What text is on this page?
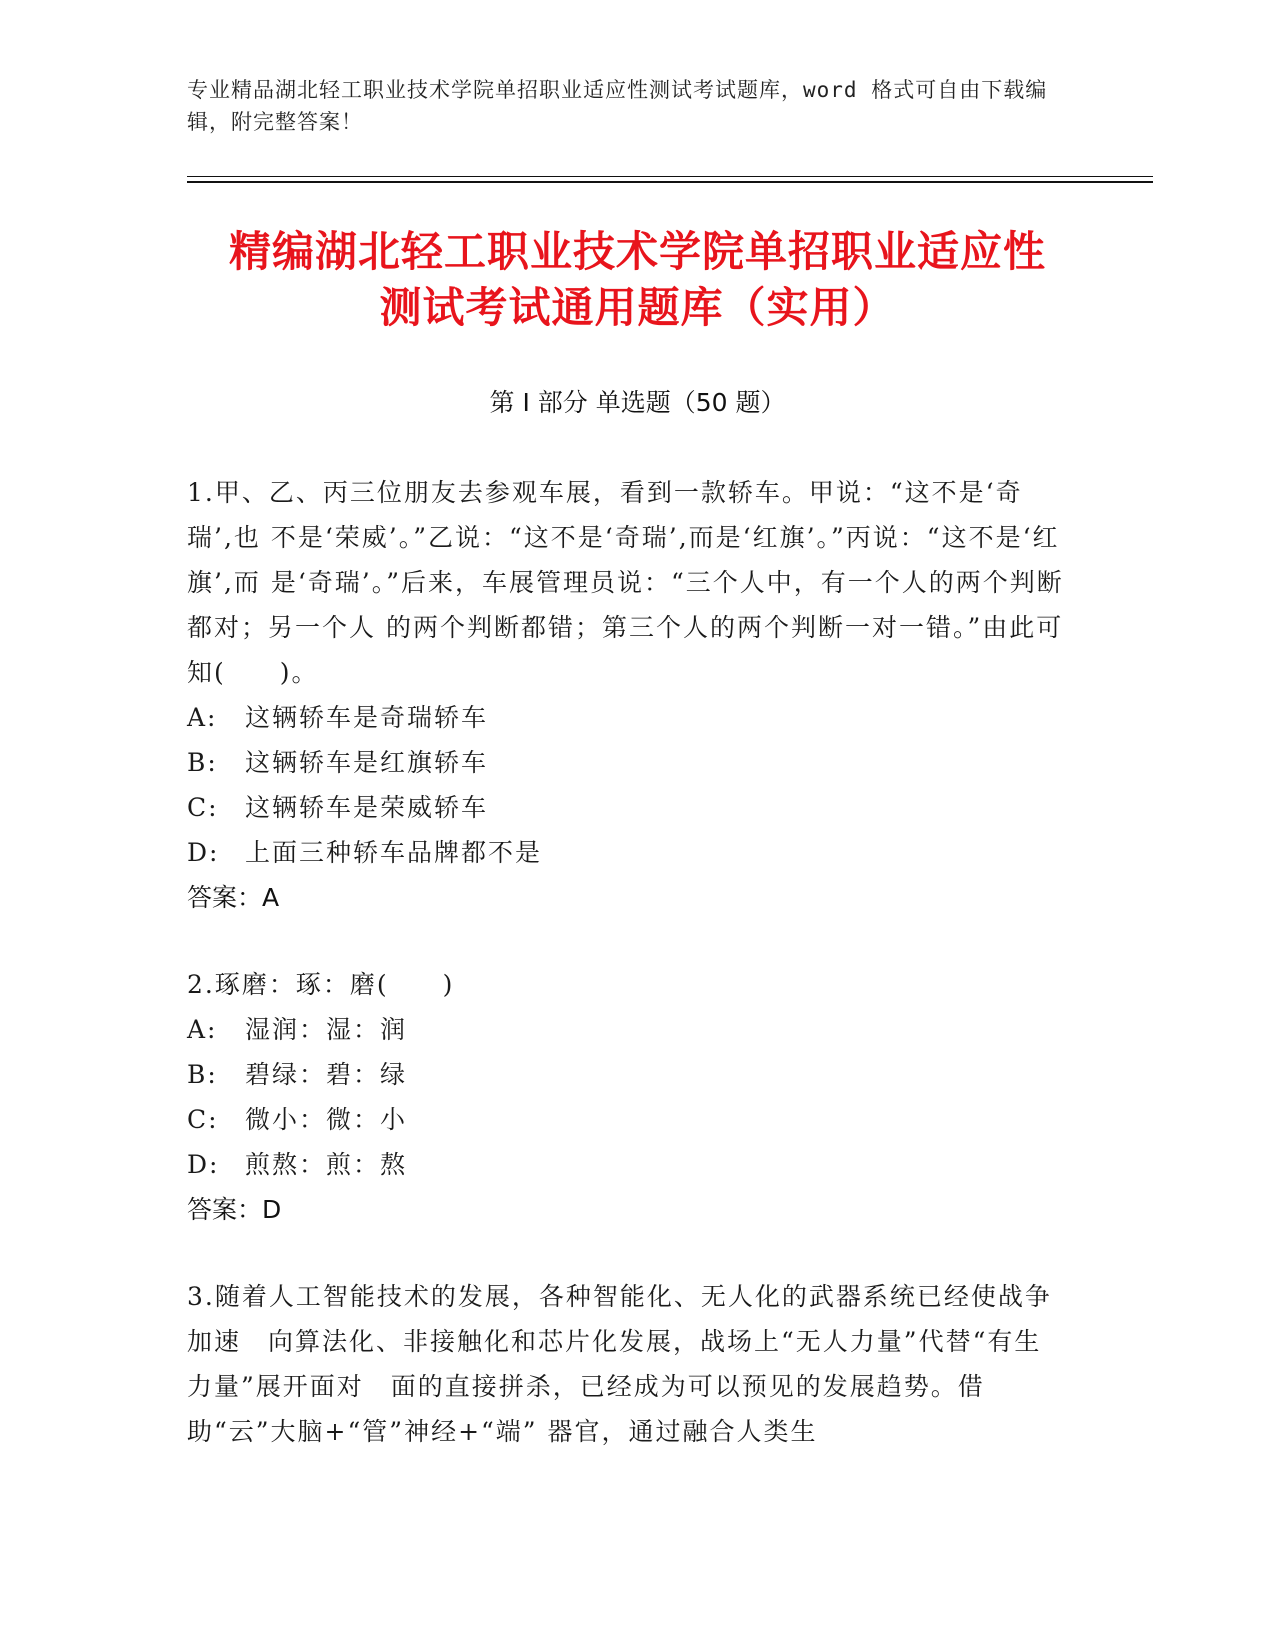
专业精品湖北轻工职业技术学院单招职业适应性测试考试题库，word 格式可自由下载编辑，附完整答案！
精编湖北轻工职业技术学院单招职业适应性
测试考试通用题库（实用）
第 I 部分 单选题（50 题）

1.甲、乙、丙三位朋友去参观车展，看到一款轿车。甲说：“这不是‘奇瑞’,也 不是‘荣威’。”乙说：“这不是‘奇瑞’,而是‘红旗’。”丙说：“这不是‘红旗’,而 是‘奇瑞’。”后来，车展管理员说：“三个人中，有一个人的两个判断都对；另一个人 的两个判断都错；第三个人的两个判断一对一错。”由此可知(　　)。

A:	这辆轿车是奇瑞轿车
B:	这辆轿车是红旗轿车
C:	这辆轿车是荣威轿车
D:	上面三种轿车品牌都不是
答案：A

2.琢磨：琢：磨(　　)

A:	湿润：湿：润
B:	碧绿：碧：绿
C:	微小：微：小
D:	煎熬：煎：熬
答案：D

3.随着人工智能技术的发展，各种智能化、无人化的武器系统已经使战争加速　向算法化、非接触化和芯片化发展，战场上“无人力量”代替“有生力量”展开面对　面的直接拼杀，已经成为可以预见的发展趋势。借助“云”大脑+“管”神经+“端” 器官，通过融合人类生
